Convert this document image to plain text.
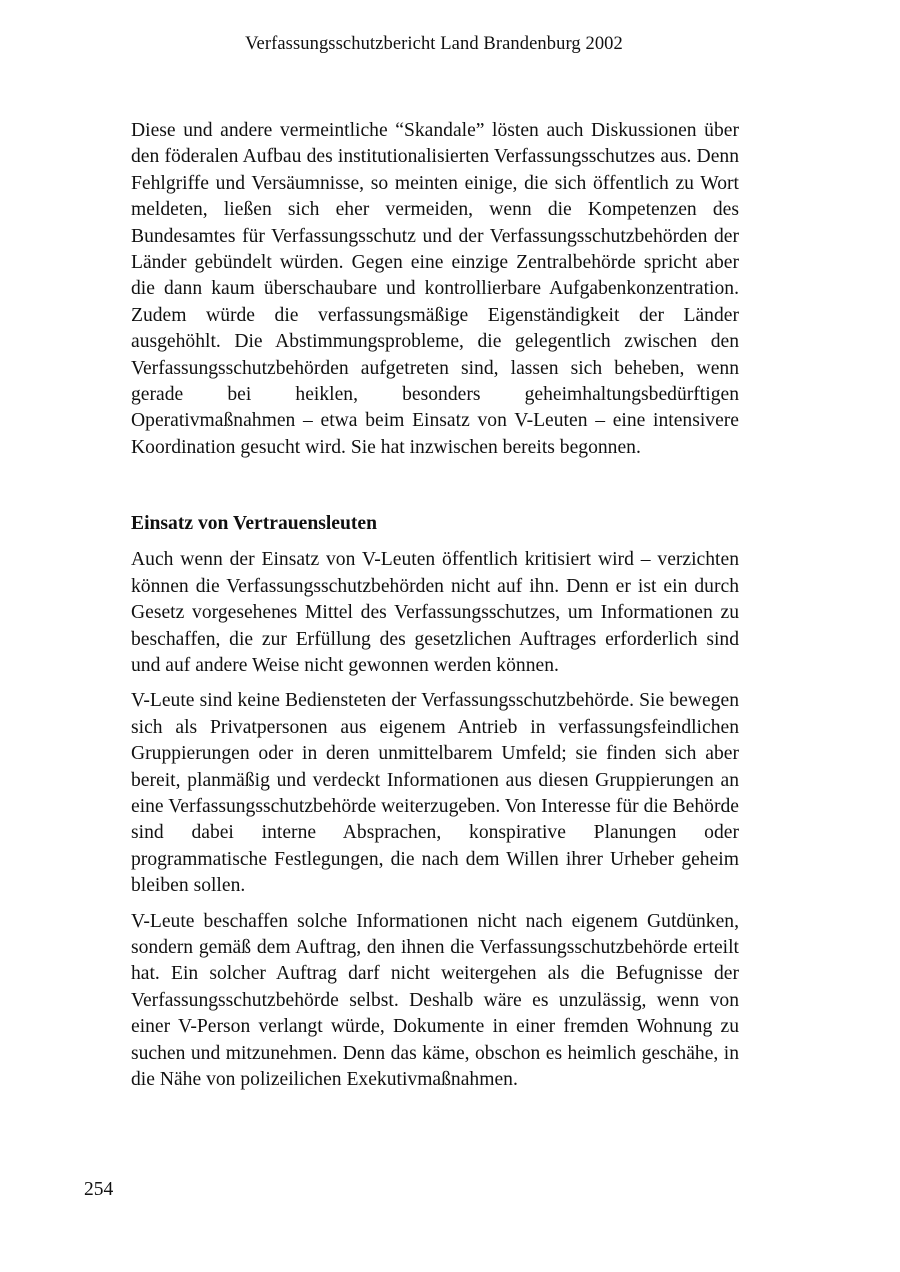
Verfassungsschutzbericht Land Brandenburg 2002

Diese und andere vermeintliche “Skandale” lösten auch Diskussionen über den föderalen Aufbau des institutionalisierten Verfassungsschutzes aus. Denn Fehlgriffe und Versäumnisse, so meinten einige, die sich öffentlich zu Wort meldeten, ließen sich eher vermeiden, wenn die Kompetenzen des Bundesamtes für Verfassungsschutz und der Verfassungsschutzbehörden der Länder gebündelt würden. Gegen eine einzige Zentralbehörde spricht aber die dann kaum überschaubare und kontrollierbare Aufgabenkonzentration. Zudem würde die verfassungsmäßige Eigenständigkeit der Länder ausgehöhlt. Die Abstimmungsprobleme, die gelegentlich zwischen den Verfassungsschutzbehörden aufgetreten sind, lassen sich beheben, wenn gerade bei heiklen, besonders geheimhaltungsbedürftigen Operativmaßnahmen – etwa beim Einsatz von V-Leuten – eine intensivere Koordination gesucht wird. Sie hat inzwischen bereits begonnen.

Einsatz von Vertrauensleuten

Auch wenn der Einsatz von V-Leuten öffentlich kritisiert wird – verzichten können die Verfassungsschutzbehörden nicht auf ihn. Denn er ist ein durch Gesetz vorgesehenes Mittel des Verfassungsschutzes, um Informationen zu beschaffen, die zur Erfüllung des gesetzlichen Auftrages erforderlich sind und auf andere Weise nicht gewonnen werden können.

V-Leute sind keine Bediensteten der Verfassungsschutzbehörde. Sie bewegen sich als Privatpersonen aus eigenem Antrieb in verfassungsfeindlichen Gruppierungen oder in deren unmittelbarem Umfeld; sie finden sich aber bereit, planmäßig und verdeckt Informationen aus diesen Gruppierungen an eine Verfassungsschutzbehörde weiterzugeben. Von Interesse für die Behörde sind dabei interne Absprachen, konspirative Planungen oder programmatische Festlegungen, die nach dem Willen ihrer Urheber geheim bleiben sollen.

V-Leute beschaffen solche Informationen nicht nach eigenem Gutdünken, sondern gemäß dem Auftrag, den ihnen die Verfassungsschutzbehörde erteilt hat. Ein solcher Auftrag darf nicht weitergehen als die Befugnisse der Verfassungsschutzbehörde selbst. Deshalb wäre es unzulässig, wenn von einer V-Person verlangt würde, Dokumente in einer fremden Wohnung zu suchen und mitzunehmen. Denn das käme, obschon es heimlich geschähe, in die Nähe von polizeilichen Exekutivmaßnahmen.

254
